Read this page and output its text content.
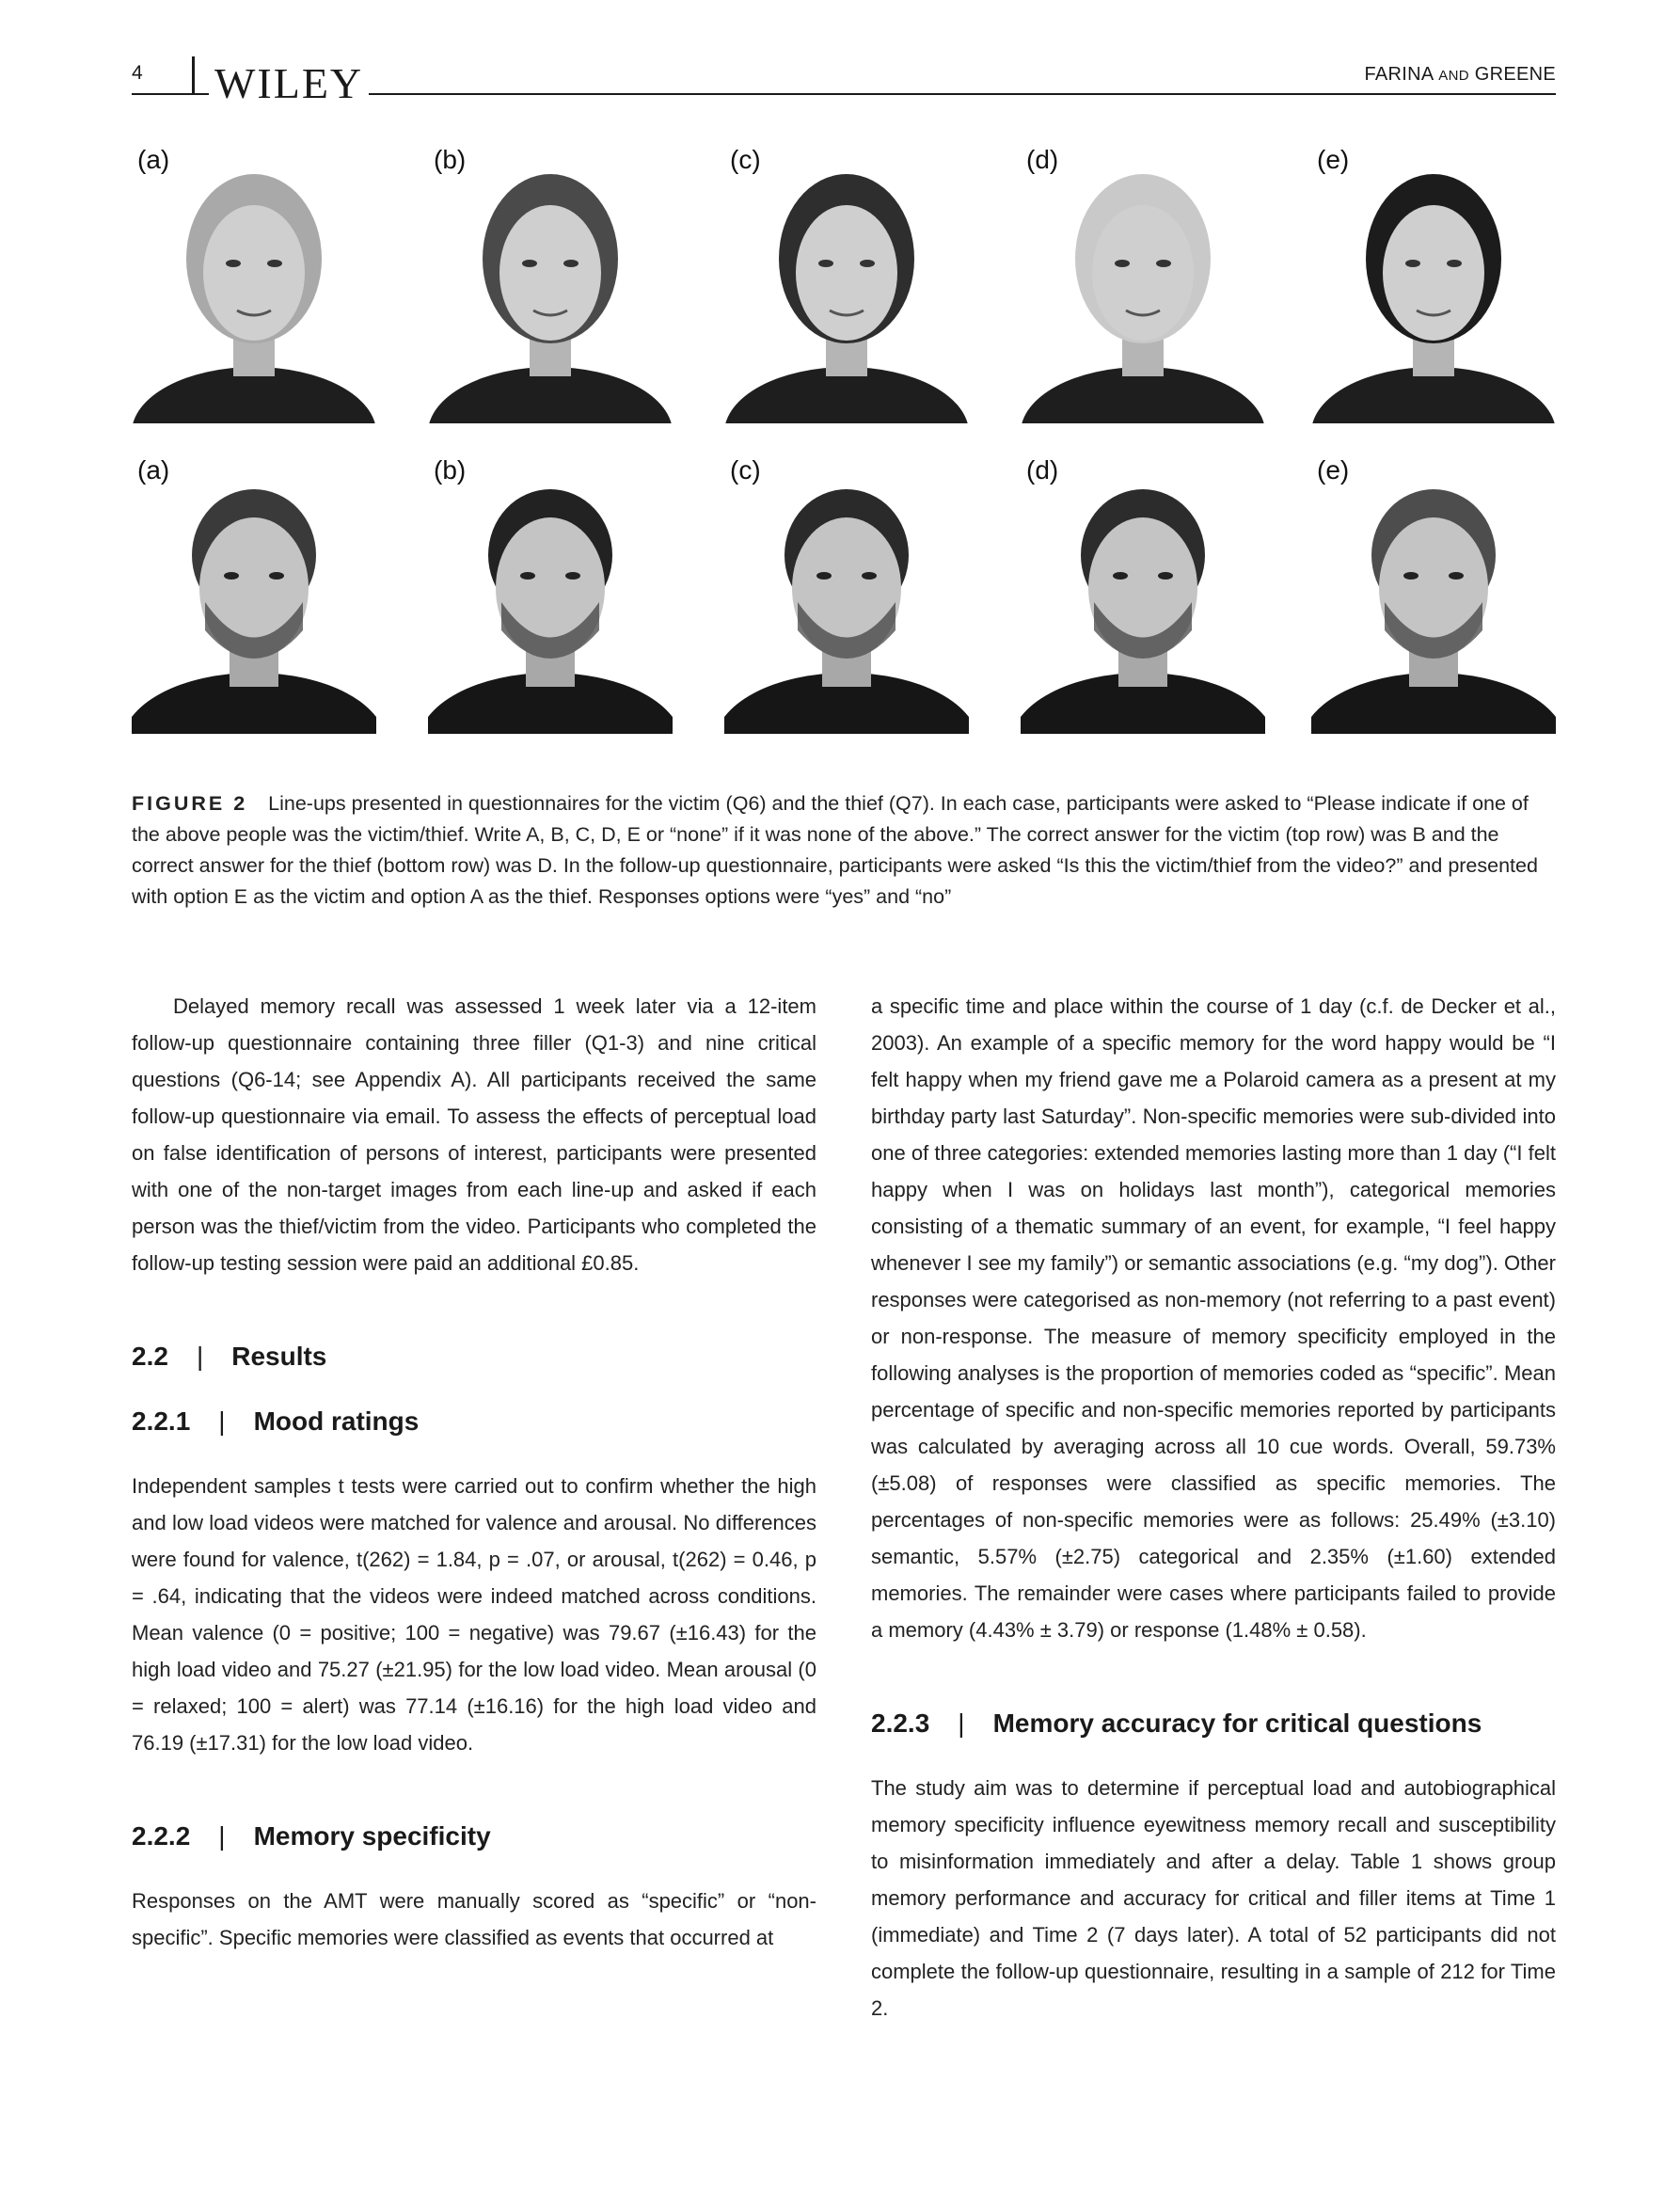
4 WILEY	FARINA AND GREENE
(a)	(b)	(c)	(d)	(e)
(a)	(b)	(c)	(d)	(e)
FIGURE 2 Line-ups presented in questionnaires for the victim (Q6) and the thief (Q7). In each case, participants were asked to “Please indicate if one of the above people was the victim/thief. Write A, B, C, D, E or “none” if it was none of the above.” The correct answer for the victim (top row) was B and the correct answer for the thief (bottom row) was D. In the follow-up questionnaire, participants were asked “Is this the victim/thief from the video?” and presented with option E as the victim and option A as the thief. Responses options were “yes” and “no”

Delayed memory recall was assessed 1 week later via a 12-item follow-up questionnaire containing three filler (Q1-3) and nine critical questions (Q6-14; see Appendix A). All participants received the same follow-up questionnaire via email. To assess the effects of perceptual load on false identification of persons of interest, participants were presented with one of the non-target images from each line-up and asked if each person was the thief/victim from the video. Participants who completed the follow-up testing session were paid an additional £0.85.

2.2 | Results
2.2.1 | Mood ratings

Independent samples t tests were carried out to confirm whether the high and low load videos were matched for valence and arousal. No differences were found for valence, t(262) = 1.84, p = .07, or arousal, t(262) = 0.46, p = .64, indicating that the videos were indeed matched across conditions. Mean valence (0 = positive; 100 = negative) was 79.67 (±16.43) for the high load video and 75.27 (±21.95) for the low load video. Mean arousal (0 = relaxed; 100 = alert) was 77.14 (±16.16) for the high load video and 76.19 (±17.31) for the low load video.

2.2.2 | Memory specificity

Responses on the AMT were manually scored as “specific” or “non-specific”. Specific memories were classified as events that occurred at

a specific time and place within the course of 1 day (c.f. de Decker et al., 2003). An example of a specific memory for the word happy would be “I felt happy when my friend gave me a Polaroid camera as a present at my birthday party last Saturday”. Non-specific memories were sub-divided into one of three categories: extended memories lasting more than 1 day (“I felt happy when I was on holidays last month”), categorical memories consisting of a thematic summary of an event, for example, “I feel happy whenever I see my family”) or semantic associations (e.g. “my dog”). Other responses were categorised as non-memory (not referring to a past event) or non-response. The measure of memory specificity employed in the following analyses is the proportion of memories coded as “specific”. Mean percentage of specific and non-specific memories reported by participants was calculated by averaging across all 10 cue words. Overall, 59.73% (±5.08) of responses were classified as specific memories. The percentages of non-specific memories were as follows: 25.49% (±3.10) semantic, 5.57% (±2.75) categorical and 2.35% (±1.60) extended memories. The remainder were cases where participants failed to provide a memory (4.43% ± 3.79) or response (1.48% ± 0.58).

2.2.3 | Memory accuracy for critical questions

The study aim was to determine if perceptual load and autobiographical memory specificity influence eyewitness memory recall and susceptibility to misinformation immediately and after a delay. Table 1 shows group memory performance and accuracy for critical and filler items at Time 1 (immediate) and Time 2 (7 days later). A total of 52 participants did not complete the follow-up questionnaire, resulting in a sample of 212 for Time 2.
